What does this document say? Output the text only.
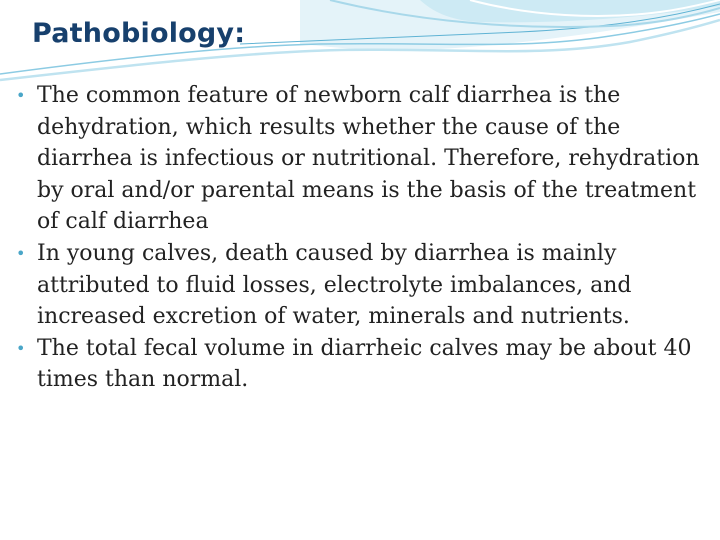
Pathobiology:
• The common feature of newborn calf diarrhea is the dehydration, which results whether the cause of the diarrhea is infectious or nutritional. Therefore, rehydration by oral and/or parental means is the basis of the treatment of calf diarrhea
• In young calves, death caused by diarrhea is mainly attributed to fluid losses, electrolyte imbalances, and increased excretion of water, minerals and nutrients.
• The total fecal volume in diarrheic calves may be about 40 times than normal.
